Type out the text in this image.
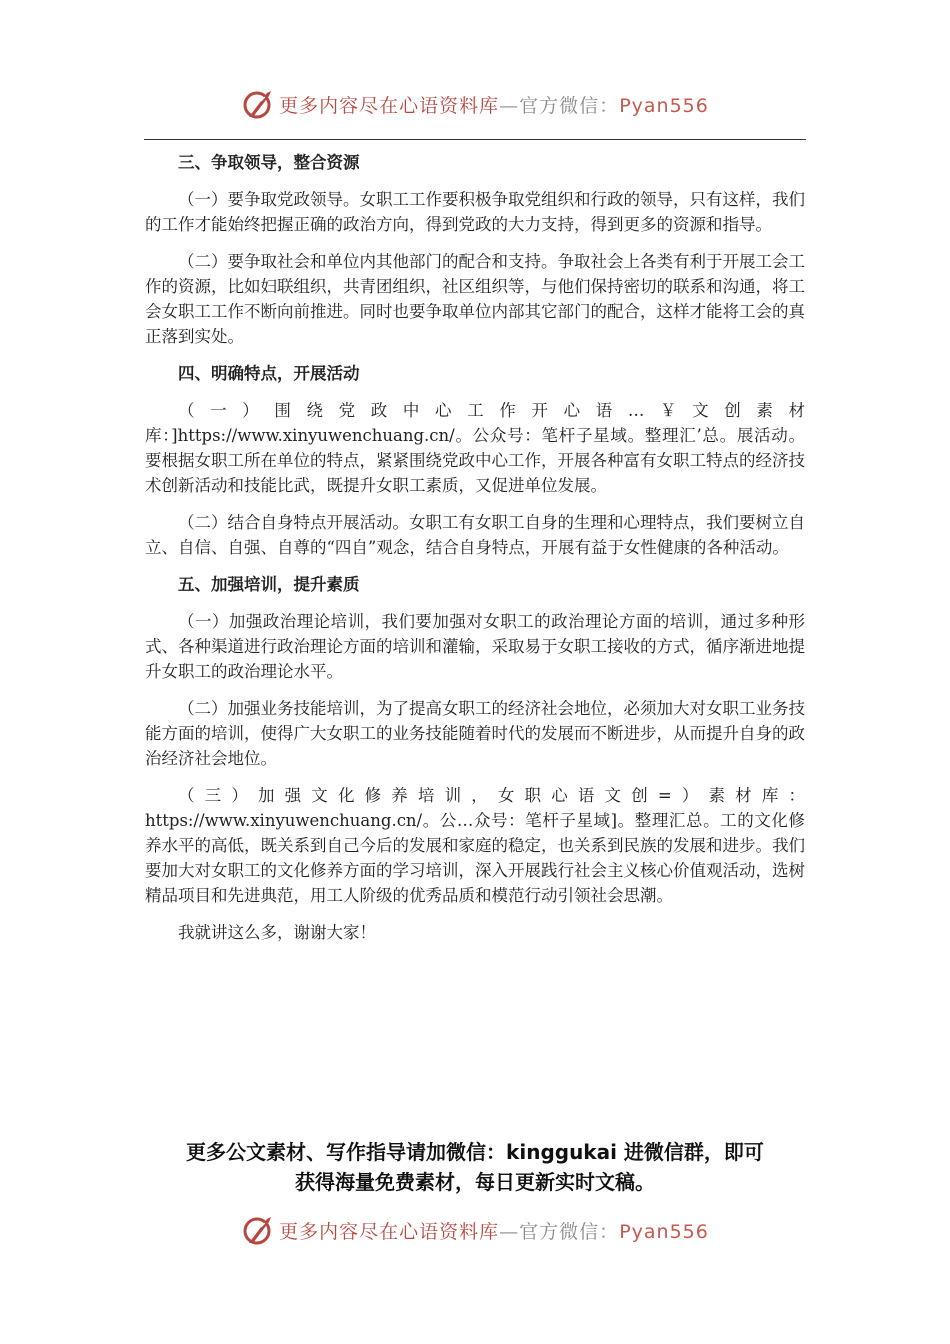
更多内容尽在心语资料库—官方微信：Pyan556
三、争取领导，整合资源

（一）要争取党政领导。女职工工作要积极争取党组织和行政的领导，只有这样，我们的工作才能始终把握正确的政治方向，得到党政的大力支持，得到更多的资源和指导。

（二）要争取社会和单位内其他部门的配合和支持。争取社会上各类有利于开展工会工作的资源，比如妇联组织，共青团组织，社区组织等，与他们保持密切的联系和沟通，将工会女职工工作不断向前推进。同时也要争取单位内部其它部门的配合，这样才能将工会的真正落到实处。

四、明确特点，开展活动

（一）围绕党政中心工作开心语…￥文创素材库：]https://www.xinyuwenchuang.cn/。公众号：笔杆子星域。整理汇’总。展活动。要根据女职工所在单位的特点，紧紧围绕党政中心工作，开展各种富有女职工特点的经济技术创新活动和技能比武，既提升女职工素质，又促进单位发展。

（二）结合自身特点开展活动。女职工有女职工自身的生理和心理特点，我们要树立自立、自信、自强、自尊的“四自”观念，结合自身特点，开展有益于女性健康的各种活动。

五、加强培训，提升素质

（一）加强政治理论培训，我们要加强对女职工的政治理论方面的培训，通过多种形式、各种渠道进行政治理论方面的培训和灌输，采取易于女职工接收的方式，循序渐进地提升女职工的政治理论水平。

（二）加强业务技能培训，为了提高女职工的经济社会地位，必须加大对女职工业务技能方面的培训，使得广大女职工的业务技能随着时代的发展而不断进步，从而提升自身的政治经济社会地位。

（三）加强文化修养培训，女职心语文创=）素材库：https://www.xinyuwenchuang.cn/。公…众号：笔杆子星域]。整理汇总。工的文化修养水平的高低，既关系到自己今后的发展和家庭的稳定，也关系到民族的发展和进步。我们要加大对女职工的文化修养方面的学习培训，深入开展践行社会主义核心价值观活动，选树精品项目和先进典范，用工人阶级的优秀品质和模范行动引领社会思潮。

我就讲这么多，谢谢大家！

更多公文素材、写作指导请加微信：kinggukai 进微信群，即可
获得海量免费素材，每日更新实时文稿。
更多内容尽在心语资料库—官方微信：Pyan556
